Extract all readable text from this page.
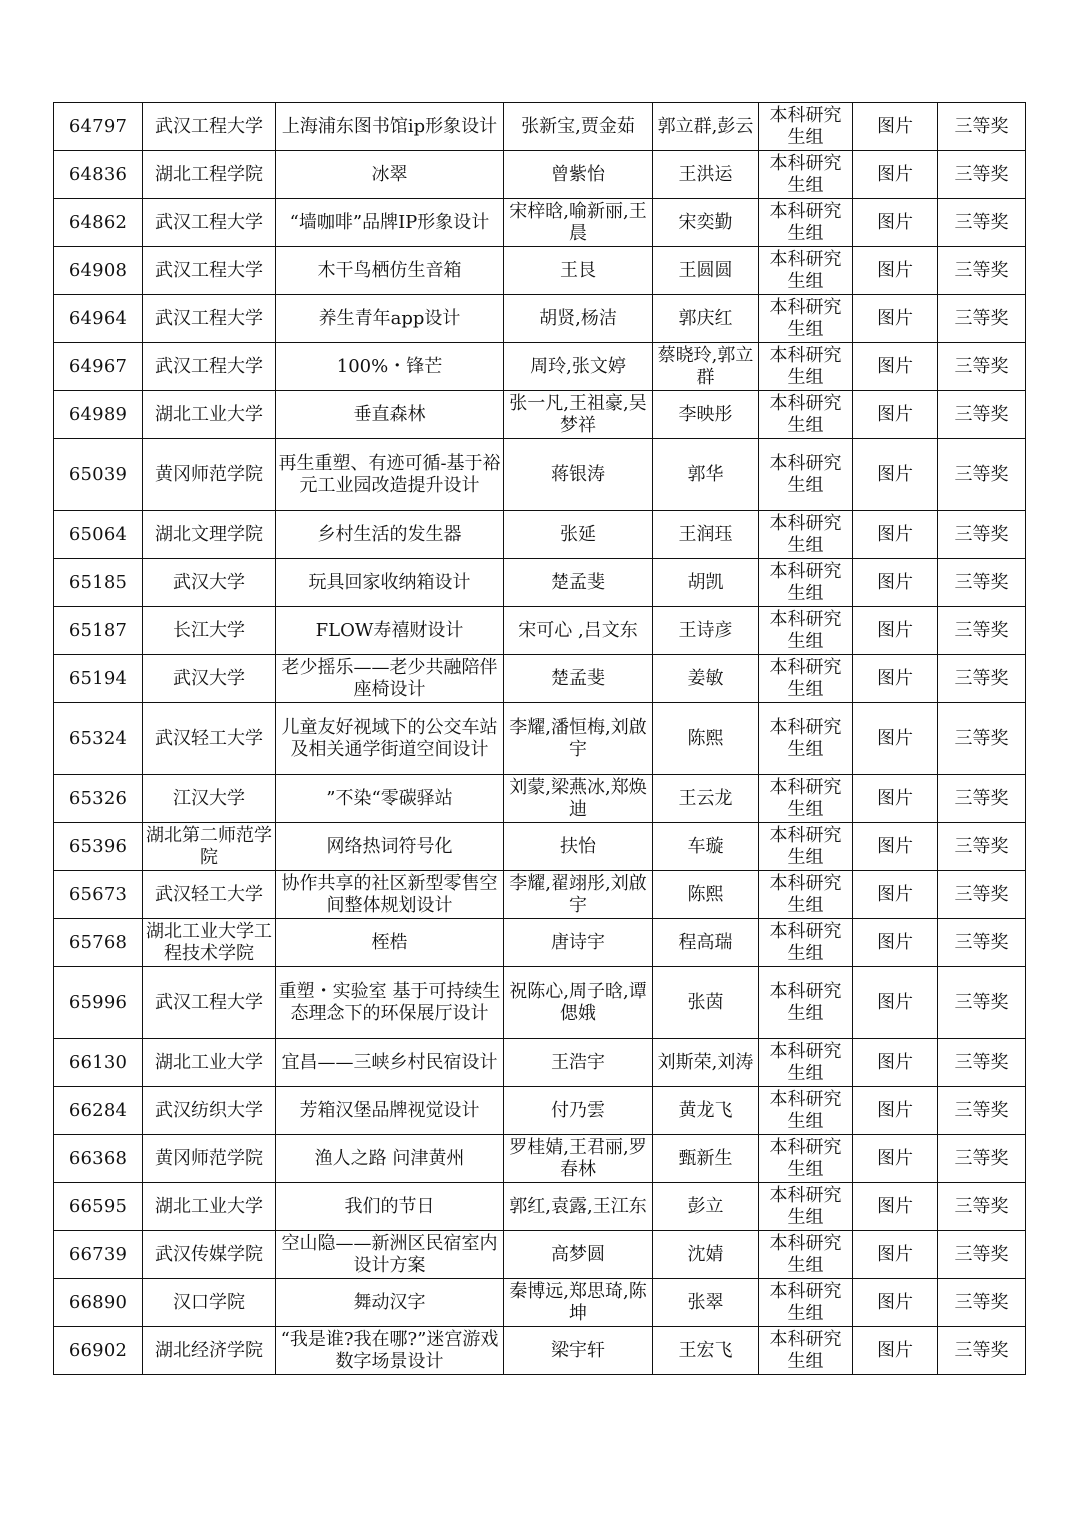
64797	武汉工程大学	上海浦东图书馆ip形象设计	张新宝,贾金茹	郭立群,彭云	本科研究生组	图片	三等奖
64836	湖北工程学院	冰翠	曾紫怡	王洪运	本科研究生组	图片	三等奖
64862	武汉工程大学	“墙咖啡”品牌IP形象设计	宋梓晗,喻新丽,王晨	宋奕勤	本科研究生组	图片	三等奖
64908	武汉工程大学	木干鸟栖仿生音箱	王艮	王圆圆	本科研究生组	图片	三等奖
64964	武汉工程大学	养生青年app设计	胡贤,杨洁	郭庆红	本科研究生组	图片	三等奖
64967	武汉工程大学	100%・锋芒	周玲,张文婷	蔡晓玲,郭立群	本科研究生组	图片	三等奖
64989	湖北工业大学	垂直森林	张一凡,王祖豪,吴梦祥	李映彤	本科研究生组	图片	三等奖
65039	黄冈师范学院	再生重塑、有迹可循-基于裕元工业园改造提升设计	蒋银涛	郭华	本科研究生组	图片	三等奖
65064	湖北文理学院	乡村生活的发生器	张延	王润珏	本科研究生组	图片	三等奖
65185	武汉大学	玩具回家收纳箱设计	楚孟斐	胡凯	本科研究生组	图片	三等奖
65187	长江大学	FLOW寿禧财设计	宋可心 ,吕文东	王诗彦	本科研究生组	图片	三等奖
65194	武汉大学	老少摇乐——老少共融陪伴座椅设计	楚孟斐	姜敏	本科研究生组	图片	三等奖
65324	武汉轻工大学	儿童友好视域下的公交车站及相关通学街道空间设计	李耀,潘恒梅,刘啟宇	陈熙	本科研究生组	图片	三等奖
65326	江汉大学	”不染“零碳驿站	刘蒙,梁燕冰,郑焕迪	王云龙	本科研究生组	图片	三等奖
65396	湖北第二师范学院	网络热词符号化	扶怡	车璇	本科研究生组	图片	三等奖
65673	武汉轻工大学	协作共享的社区新型零售空间整体规划设计	李耀,翟翊彤,刘啟宇	陈熙	本科研究生组	图片	三等奖
65768	湖北工业大学工程技术学院	桎梏	唐诗宇	程高瑞	本科研究生组	图片	三等奖
65996	武汉工程大学	重塑・实验室 基于可持续生态理念下的环保展厅设计	祝陈心,周子晗,谭偲娥	张茵	本科研究生组	图片	三等奖
66130	湖北工业大学	宜昌——三峡乡村民宿设计	王浩宇	刘斯荣,刘涛	本科研究生组	图片	三等奖
66284	武汉纺织大学	芳箱汉堡品牌视觉设计	付乃雲	黄龙飞	本科研究生组	图片	三等奖
66368	黄冈师范学院	渔人之路 问津黄州	罗桂婧,王君丽,罗春林	甄新生	本科研究生组	图片	三等奖
66595	湖北工业大学	我们的节日	郭红,袁露,王江东	彭立	本科研究生组	图片	三等奖
66739	武汉传媒学院	空山隐——新洲区民宿室内设计方案	高梦圆	沈婧	本科研究生组	图片	三等奖
66890	汉口学院	舞动汉字	秦博远,郑思琦,陈坤	张翠	本科研究生组	图片	三等奖
66902	湖北经济学院	“我是谁?我在哪?”迷宫游戏数字场景设计	梁宇轩	王宏飞	本科研究生组	图片	三等奖
